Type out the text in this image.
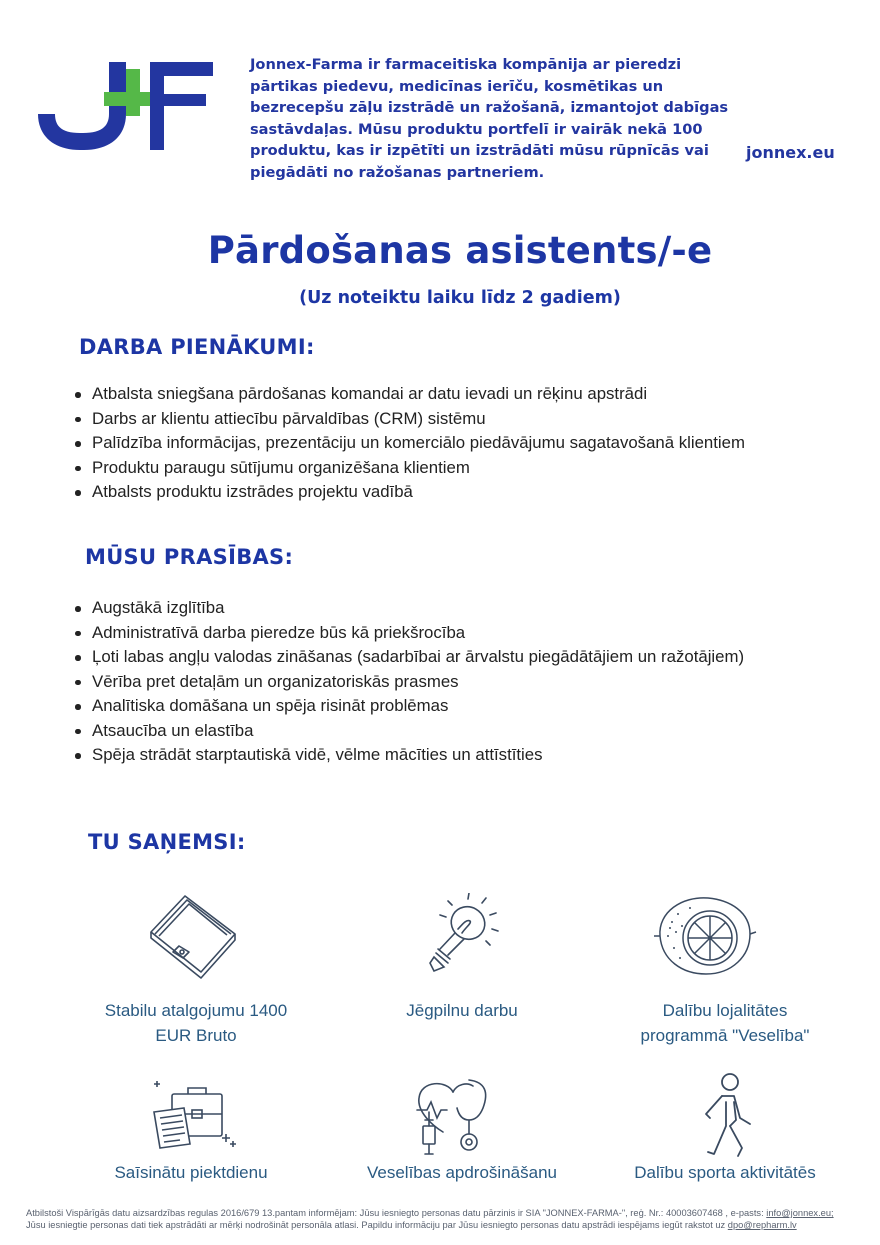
Jonnex-Farma ir farmaceitiska kompānija ar pieredzi pārtikas piedevu, medicīnas ierīču, kosmētikas un bezrecepšu zāļu izstrādē un ražošanā, izmantojot dabīgas sastāvdaļas. Mūsu produktu portfelī ir vairāk nekā 100 produktu, kas ir izpētīti un izstrādāti mūsu rūpnīcās vai piegādāti no ražošanas partneriem.
jonnex.eu
Pārdošanas asistents/-e
(Uz noteiktu laiku līdz 2 gadiem)
DARBA PIENĀKUMI:
Atbalsta sniegšana pārdošanas komandai ar datu ievadi un rēķinu apstrādi
Darbs ar klientu attiecību pārvaldības (CRM) sistēmu
Palīdzība informācijas, prezentāciju un komerciālo piedāvājumu sagatavošanā klientiem
Produktu paraugu sūtījumu organizēšana klientiem
Atbalsts produktu izstrādes projektu vadībā
MŪSU PRASĪBAS:
Augstākā izglītība
Administratīvā darba pieredze būs kā priekšrocība
Ļoti labas angļu valodas zināšanas (sadarbībai ar ārvalstu piegādātājiem un ražotājiem)
Vērība pret detaļām un organizatoriskās prasmes
Analītiska domāšana un spēja risināt problēmas
Atsaucība un elastība
Spēja strādāt starptautiskā vidē, vēlme mācīties un attīstīties
TU SAŅEMSI:
Stabilu atalgojumu 1400
EUR Bruto
Jēgpilnu darbu	Dalību lojalitātes
programmā "Veselība"
Saīsinātu piektdienu	Veselības apdrošināšanu	Dalību sporta aktivitātēs
Atbilstoši Vispārīgās datu aizsardzības regulas 2016/679 13.pantam informējam: Jūsu iesniegto personas datu pārzinis ir SIA "JONNEX-FARMA-", reģ. Nr.: 40003607468 , e-pasts: info@jonnex.eu; Jūsu iesniegtie personas dati tiek apstrādāti ar mērķi nodrošināt personāla atlasi. Papildu informāciju par Jūsu iesniegto personas datu apstrādi iespējams iegūt rakstot uz dpo@repharm.lv
